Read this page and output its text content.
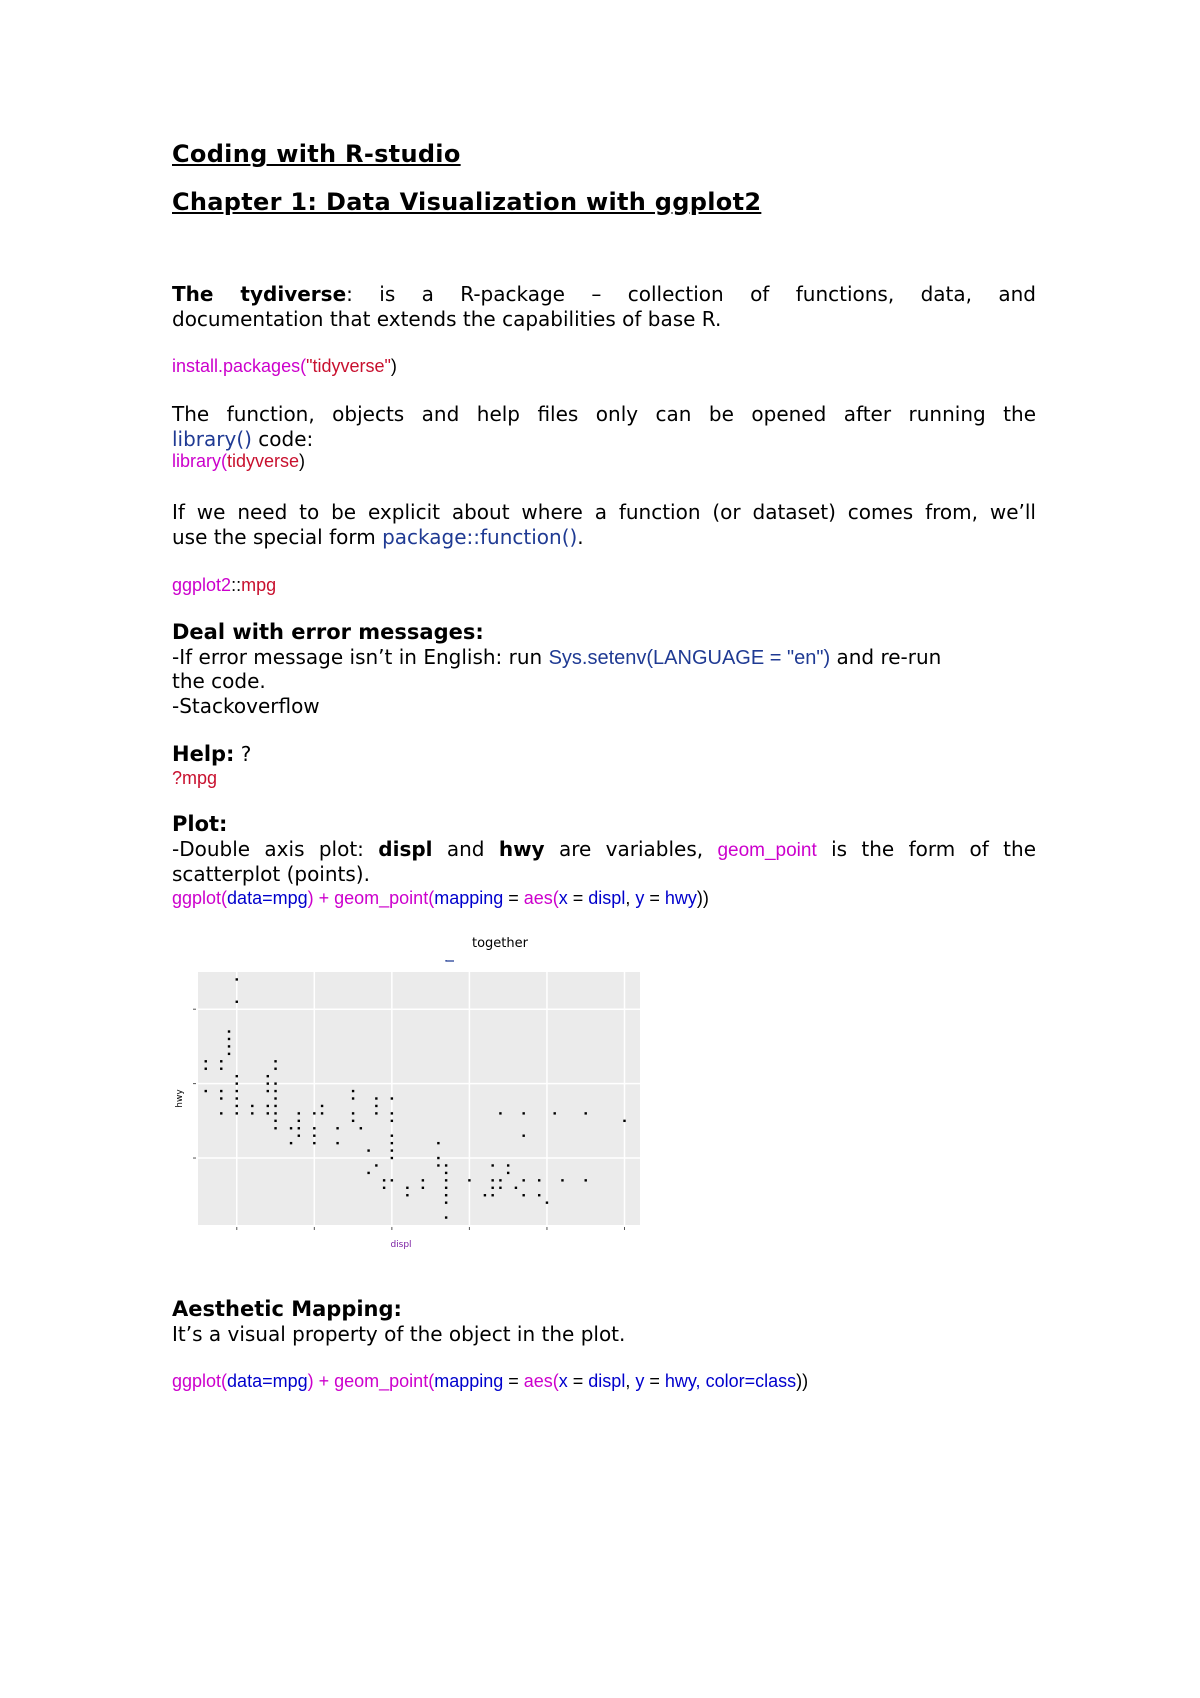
Coding with R-studio
Chapter 1: Data Visualization with ggplot2

The tydiverse: is a R-package – collection of functions, data, and

documentation that extends the capabilities of base R.

install.packages("tidyverse")

The function, objects and help files only can be opened after running the

library() code:

library(tidyverse)

If we need to be explicit about where a function (or dataset) comes from, we’ll

use the special form package::function().

ggplot2::mpg

Deal with error messages:

-If error message isn’t in English: run Sys.setenv(LANGUAGE = "en") and re-run

the code.

-Stackoverflow

Help: ?

?mpg

Plot:

-Double axis plot: displ and hwy are variables, geom_point is the form of the

scatterplot (points).

ggplot(data=mpg) + geom_point(mapping = aes(x = displ, y = hwy))

Aesthetic Mapping:

It’s a visual property of the object in the plot.

ggplot(data=mpg) + geom_point(mapping = aes(x = displ, y = hwy, color=class))

displ
hwy
together
